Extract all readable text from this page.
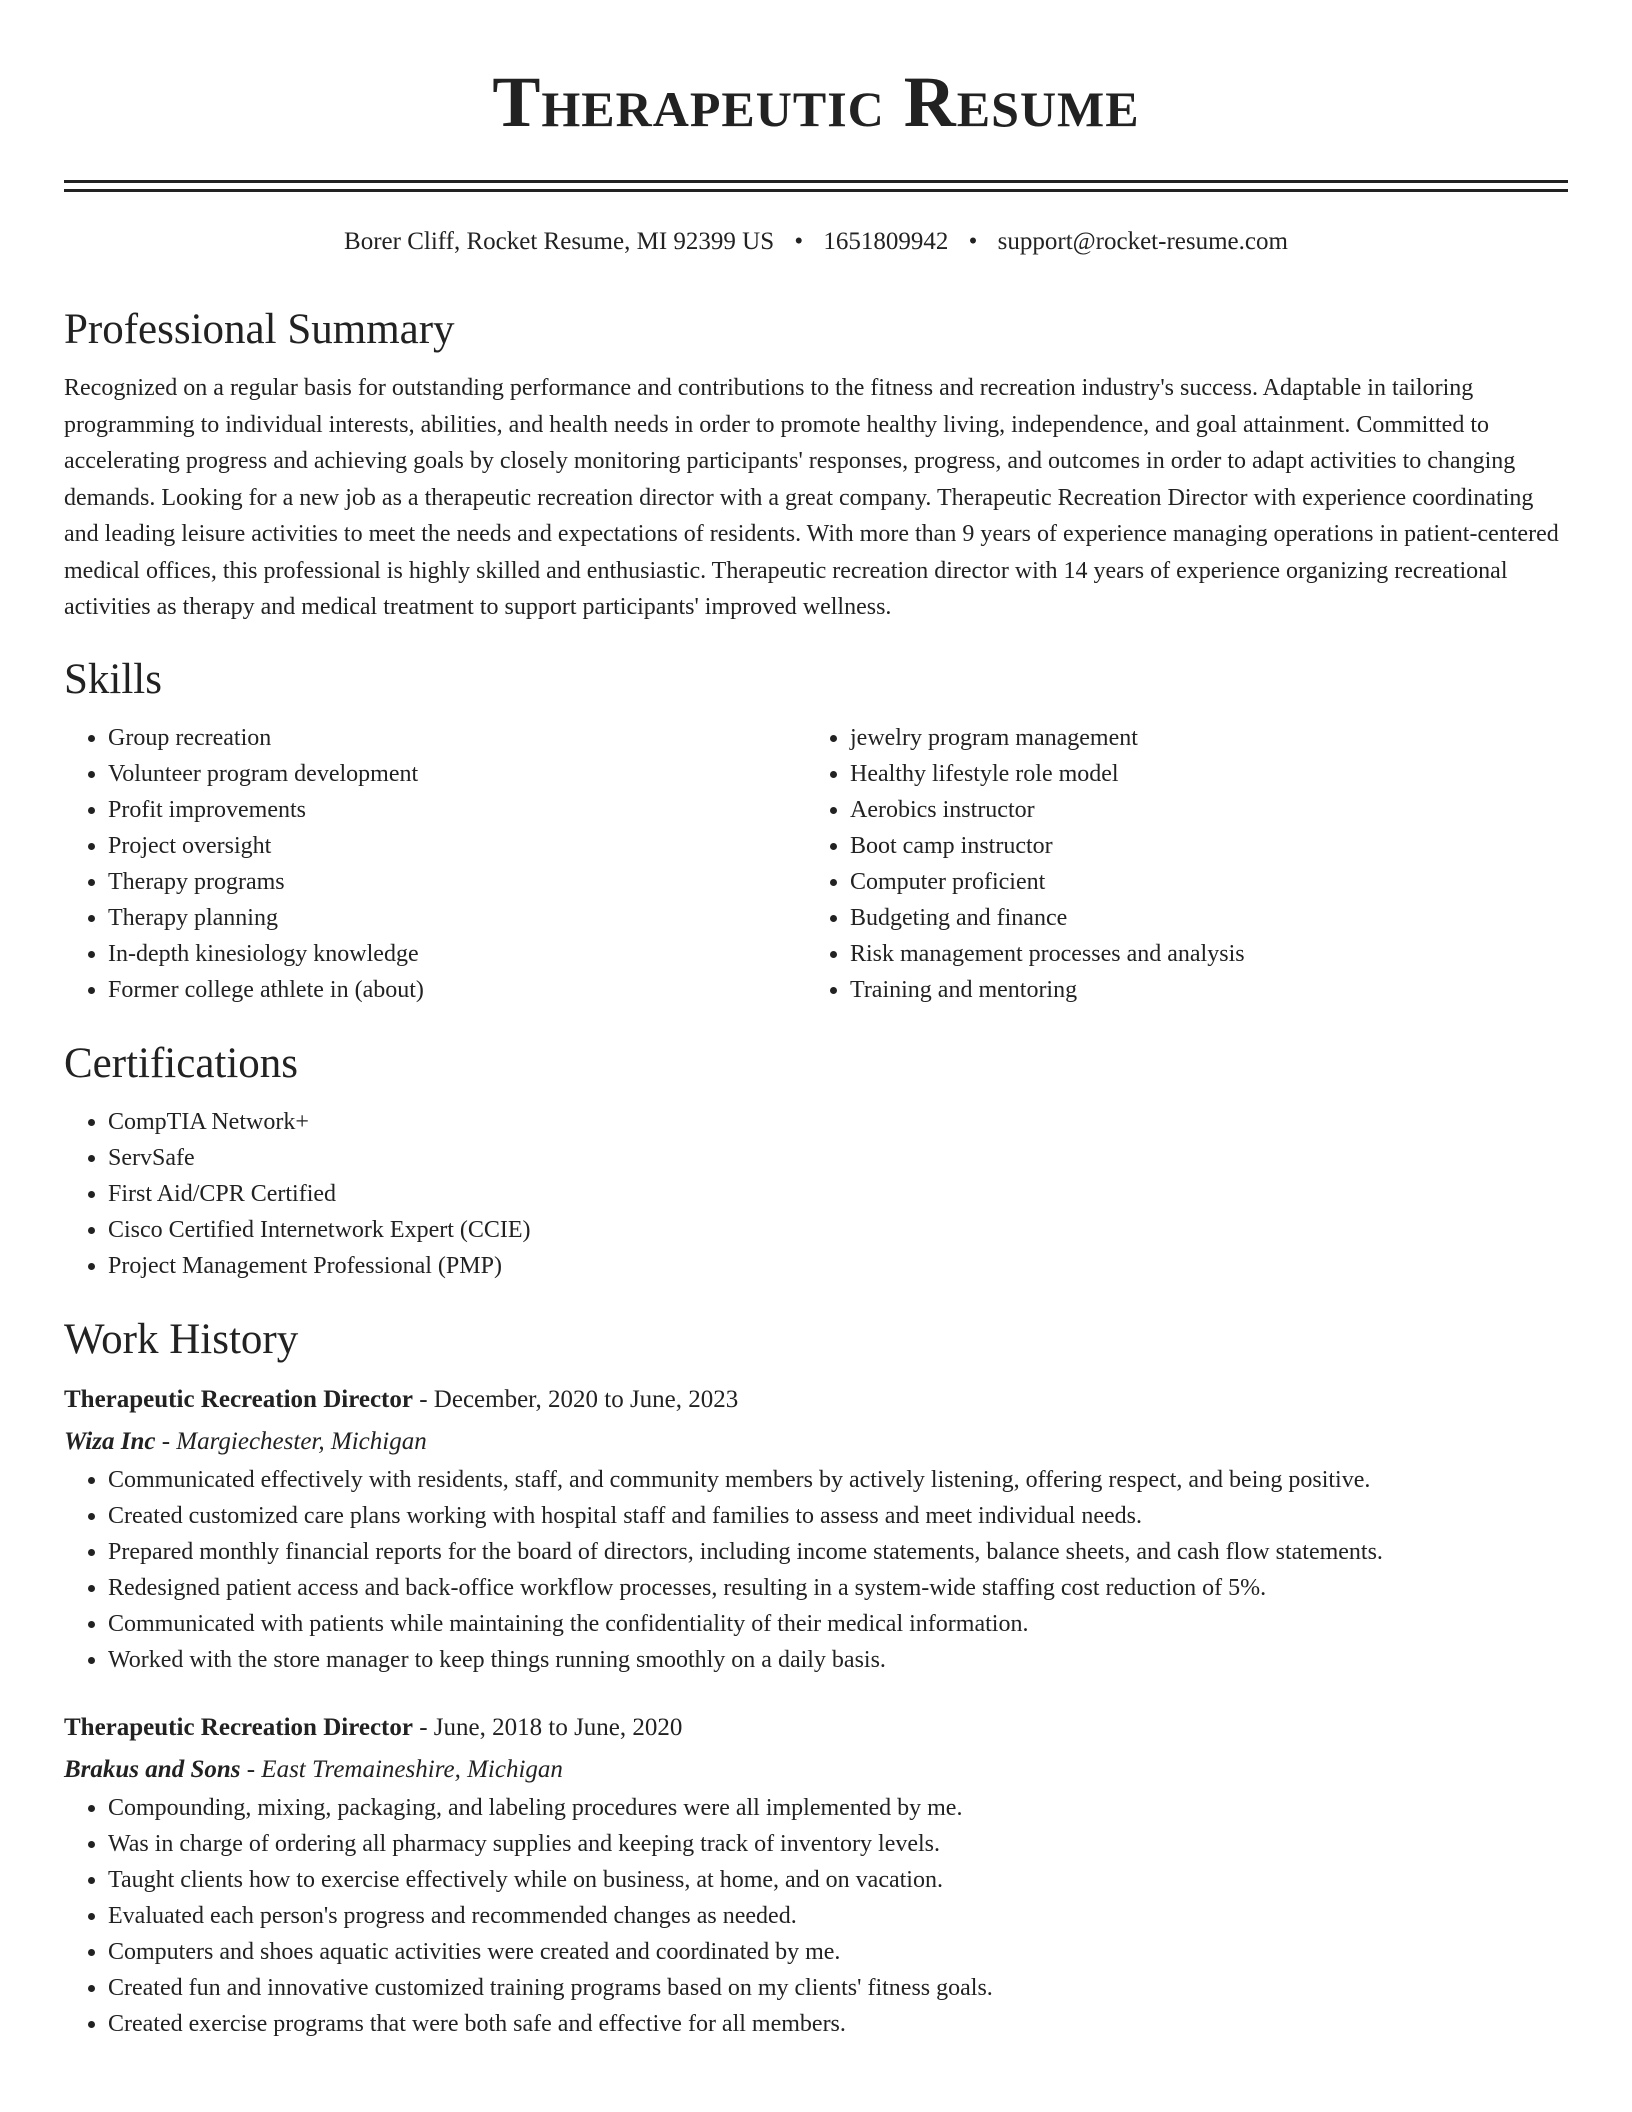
Therapeutic Resume
Borer Cliff, Rocket Resume, MI 92399 US • 1651809942 • support@rocket-resume.com
Professional Summary
Recognized on a regular basis for outstanding performance and contributions to the fitness and recreation industry's success. Adaptable in tailoring programming to individual interests, abilities, and health needs in order to promote healthy living, independence, and goal attainment. Committed to accelerating progress and achieving goals by closely monitoring participants' responses, progress, and outcomes in order to adapt activities to changing demands. Looking for a new job as a therapeutic recreation director with a great company. Therapeutic Recreation Director with experience coordinating and leading leisure activities to meet the needs and expectations of residents. With more than 9 years of experience managing operations in patient-centered medical offices, this professional is highly skilled and enthusiastic. Therapeutic recreation director with 14 years of experience organizing recreational activities as therapy and medical treatment to support participants' improved wellness.
Skills
• Group recreation
• Volunteer program development
• Profit improvements
• Project oversight
• Therapy programs
• Therapy planning
• In-depth kinesiology knowledge
• Former college athlete in (about)
• jewelry program management
• Healthy lifestyle role model
• Aerobics instructor
• Boot camp instructor
• Computer proficient
• Budgeting and finance
• Risk management processes and analysis
• Training and mentoring
Certifications
• CompTIA Network+
• ServSafe
• First Aid/CPR Certified
• Cisco Certified Internetwork Expert (CCIE)
• Project Management Professional (PMP)
Work History
Therapeutic Recreation Director - December, 2020 to June, 2023
Wiza Inc - Margiechester, Michigan
• Communicated effectively with residents, staff, and community members by actively listening, offering respect, and being positive.
• Created customized care plans working with hospital staff and families to assess and meet individual needs.
• Prepared monthly financial reports for the board of directors, including income statements, balance sheets, and cash flow statements.
• Redesigned patient access and back-office workflow processes, resulting in a system-wide staffing cost reduction of 5%.
• Communicated with patients while maintaining the confidentiality of their medical information.
• Worked with the store manager to keep things running smoothly on a daily basis.
Therapeutic Recreation Director - June, 2018 to June, 2020
Brakus and Sons - East Tremaineshire, Michigan
• Compounding, mixing, packaging, and labeling procedures were all implemented by me.
• Was in charge of ordering all pharmacy supplies and keeping track of inventory levels.
• Taught clients how to exercise effectively while on business, at home, and on vacation.
• Evaluated each person's progress and recommended changes as needed.
• Computers and shoes aquatic activities were created and coordinated by me.
• Created fun and innovative customized training programs based on my clients' fitness goals.
• Created exercise programs that were both safe and effective for all members.
